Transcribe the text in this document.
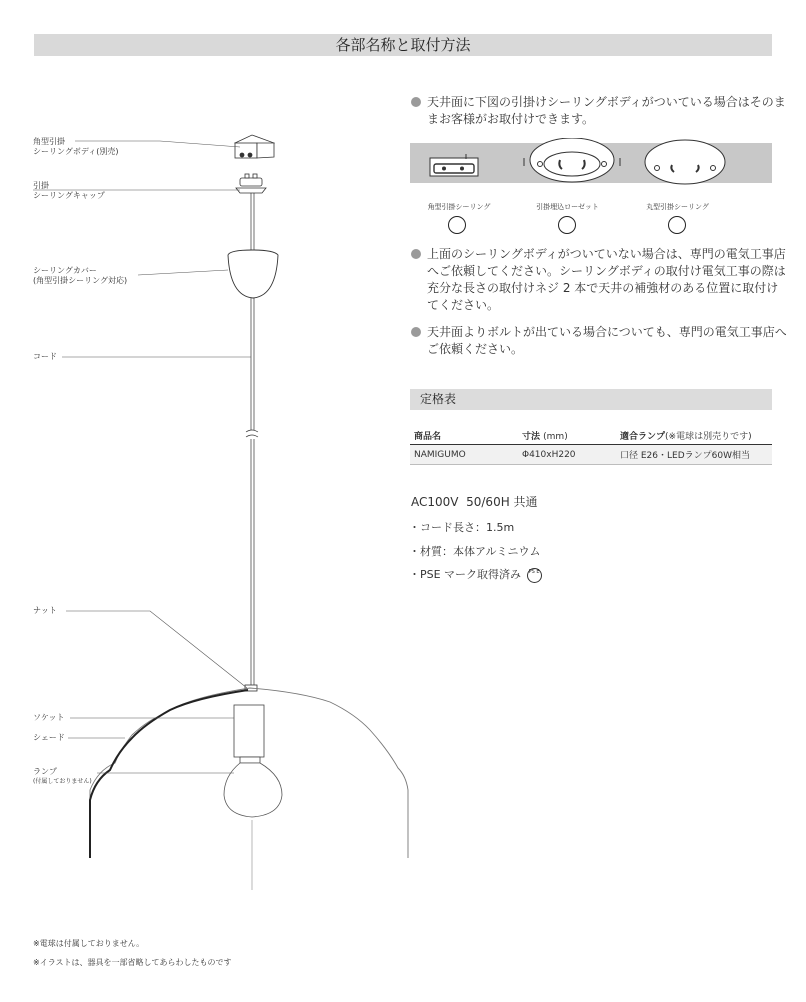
各部名称と取付方法
角型引掛
シーリングボディ(別売)
引掛
シーリングキャップ
シーリングカバー
(角型引掛シーリング対応)
コード
ナット
ソケット
シェード
ランプ
(付属しておりません)
天井面に下図の引掛けシーリングボディがついている場合はそのままお客様がお取付けできます。
角型引掛シーリング	引掛埋込ローゼット	丸型引掛シーリング
上面のシーリングボディがついていない場合は、専門の電気工事店へご依頼してください。シーリングボディの取付け電気工事の際は充分な長さの取付けネジ 2 本で天井の補強材のある位置に取付けてください。
天井面よりボルトが出ている場合についても、専門の電気工事店へご依頼ください。
定格表
商品名	寸法 (mm)	適合ランプ(※電球は別売りです)
NAMIGUMO	Φ410xH220	口径 E26・LEDランプ60W相当
AC100V  50/60H 共通
・コード長さ：1.5m
・材質：本体アルミニウム
・PSE マーク取得済み PS E
※電球は付属しておりません。
※イラストは、器具を一部省略してあらわしたものです
